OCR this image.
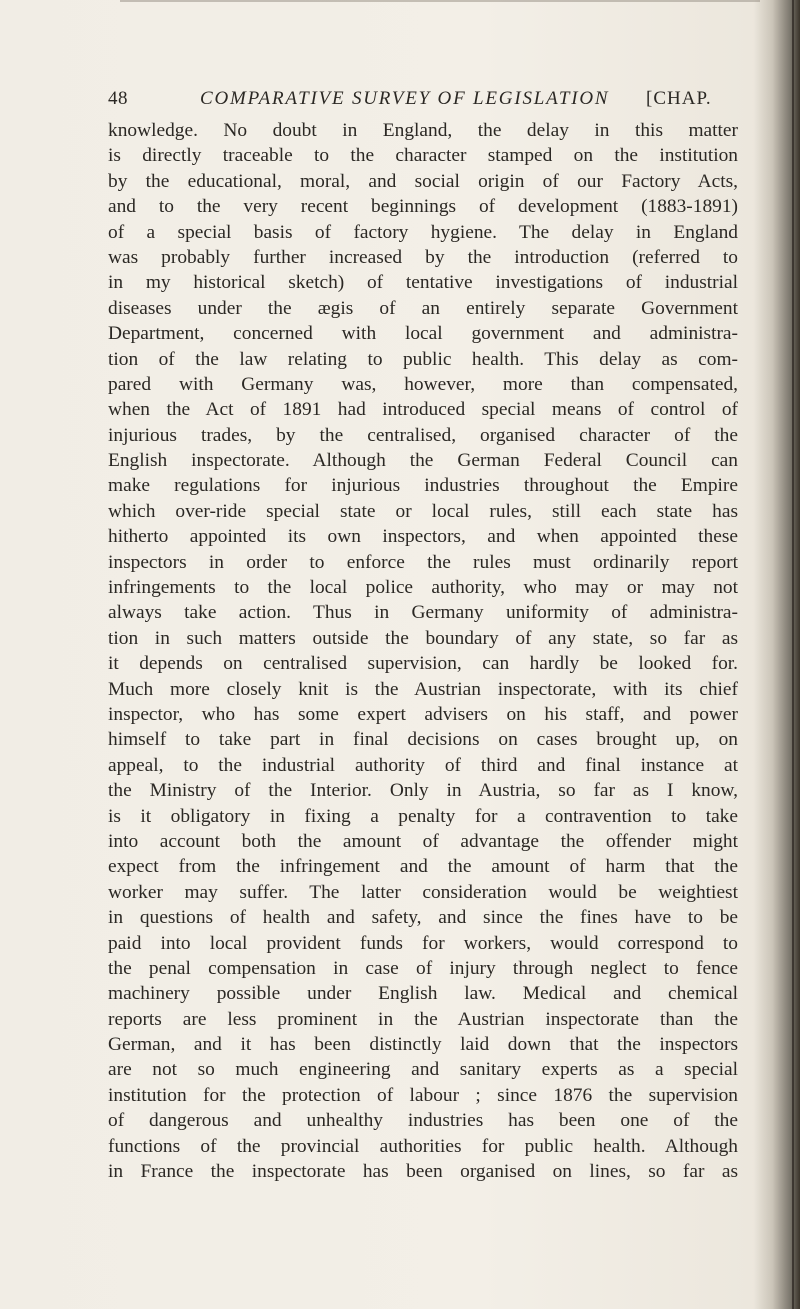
48	COMPARATIVE SURVEY OF LEGISLATION [CHAP.
knowledge. No doubt in England, the delay in this matter
is directly traceable to the character stamped on the institution
by the educational, moral, and social origin of our Factory Acts,
and to the very recent beginnings of development (1883-1891)
of a special basis of factory hygiene. The delay in England
was probably further increased by the introduction (referred to
in my historical sketch) of tentative investigations of industrial
diseases under the ægis of an entirely separate Government
Department, concerned with local government and administra-
tion of the law relating to public health. This delay as com-
pared with Germany was, however, more than compensated,
when the Act of 1891 had introduced special means of control of
injurious trades, by the centralised, organised character of the
English inspectorate. Although the German Federal Council can
make regulations for injurious industries throughout the Empire
which over-ride special state or local rules, still each state has
hitherto appointed its own inspectors, and when appointed these
inspectors in order to enforce the rules must ordinarily report
infringements to the local police authority, who may or may not
always take action. Thus in Germany uniformity of administra-
tion in such matters outside the boundary of any state, so far as
it depends on centralised supervision, can hardly be looked for.
Much more closely knit is the Austrian inspectorate, with its chief
inspector, who has some expert advisers on his staff, and power
himself to take part in final decisions on cases brought up, on
appeal, to the industrial authority of third and final instance at
the Ministry of the Interior. Only in Austria, so far as I know,
is it obligatory in fixing a penalty for a contravention to take
into account both the amount of advantage the offender might
expect from the infringement and the amount of harm that the
worker may suffer. The latter consideration would be weightiest
in questions of health and safety, and since the fines have to be
paid into local provident funds for workers, would correspond to
the penal compensation in case of injury through neglect to fence
machinery possible under English law. Medical and chemical
reports are less prominent in the Austrian inspectorate than the
German, and it has been distinctly laid down that the inspectors
are not so much engineering and sanitary experts as a special
institution for the protection of labour ; since 1876 the supervision
of dangerous and unhealthy industries has been one of the
functions of the provincial authorities for public health. Although
in France the inspectorate has been organised on lines, so far as
